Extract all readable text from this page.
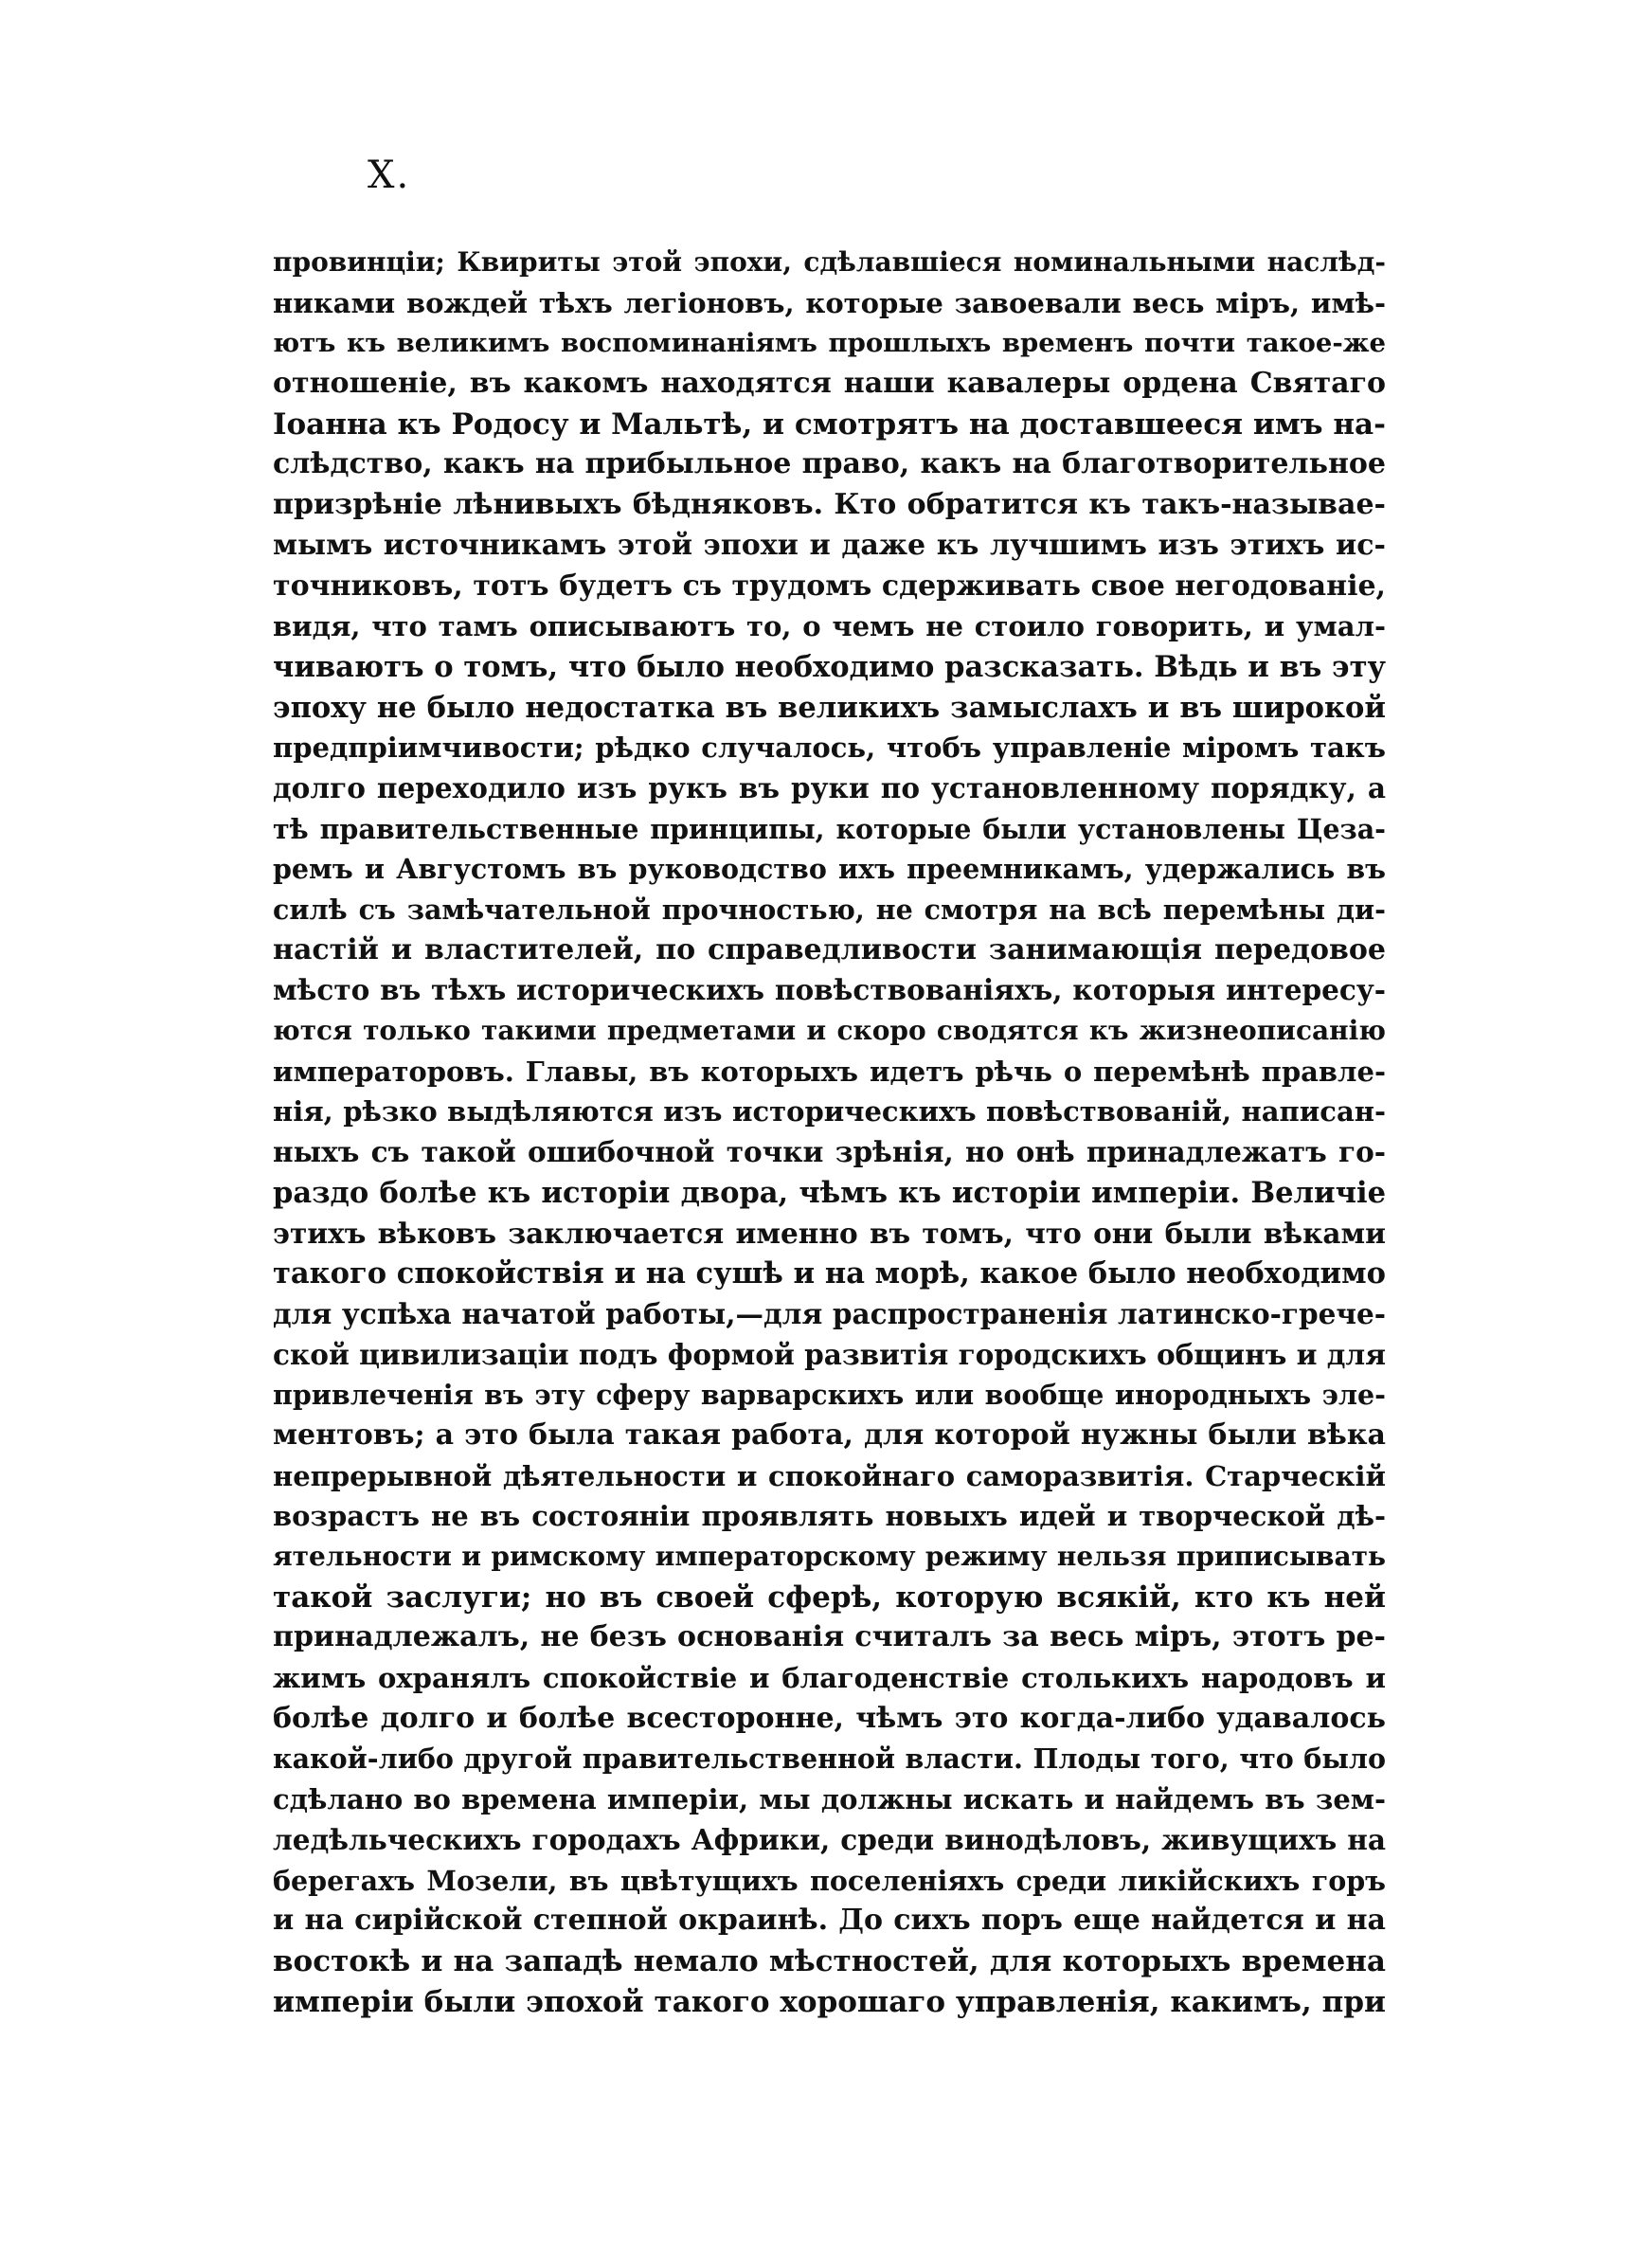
X.
провинціи; Квириты этой эпохи, сдѣлавшіеся номинальными наслѣд-
никами вождей тѣхъ легіоновъ, которые завоевали весь міръ, имѣ-
ютъ къ великимъ воспоминаніямъ прошлыхъ временъ почти такое-же
отношеніе, въ какомъ находятся наши кавалеры ордена Святаго
Іоанна къ Родосу и Мальтѣ, и смотрятъ на доставшееся имъ на-
слѣдство, какъ на прибыльное право, какъ на благотворительное
призрѣніе лѣнивыхъ бѣдняковъ. Кто обратится къ такъ-называе-
мымъ источникамъ этой эпохи и даже къ лучшимъ изъ этихъ ис-
точниковъ, тотъ будетъ съ трудомъ сдерживать свое негодованіе,
видя, что тамъ описываютъ то, о чемъ не стоило говорить, и умал-
чиваютъ о томъ, что было необходимо разсказать. Вѣдь и въ эту
эпоху не было недостатка въ великихъ замыслахъ и въ широкой
предпріимчивости; рѣдко случалось, чтобъ управленіе міромъ такъ
долго переходило изъ рукъ въ руки по установленному порядку, а
тѣ правительственные принципы, которые были установлены Цеза-
ремъ и Августомъ въ руководство ихъ преемникамъ, удержались въ
силѣ съ замѣчательной прочностью, не смотря на всѣ перемѣны ди-
настій и властителей, по справедливости занимающія передовое
мѣсто въ тѣхъ историческихъ повѣствованіяхъ, которыя интересу-
ются только такими предметами и скоро сводятся къ жизнеописанію
императоровъ. Главы, въ которыхъ идетъ рѣчь о перемѣнѣ правле-
нія, рѣзко выдѣляются изъ историческихъ повѣствованій, написан-
ныхъ съ такой ошибочной точки зрѣнія, но онѣ принадлежатъ го-
раздо болѣе къ исторіи двора, чѣмъ къ исторіи имперіи. Величіе
этихъ вѣковъ заключается именно въ томъ, что они были вѣками
такого спокойствія и на сушѣ и на морѣ, какое было необходимо
для успѣха начатой работы,—для распространенія латинско-грече-
ской цивилизаціи подъ формой развитія городскихъ общинъ и для
привлеченія въ эту сферу варварскихъ или вообще инородныхъ эле-
ментовъ; а это была такая работа, для которой нужны были вѣка
непрерывной дѣятельности и спокойнаго саморазвитія. Старческій
возрастъ не въ состояніи проявлять новыхъ идей и творческой дѣ-
ятельности и римскому императорскому режиму нельзя приписывать
такой заслуги; но въ своей сферѣ, которую всякій, кто къ ней
принадлежалъ, не безъ основанія считалъ за весь міръ, этотъ ре-
жимъ охранялъ спокойствіе и благоденствіе столькихъ народовъ и
болѣе долго и болѣе всесторонне, чѣмъ это когда-либо удавалось
какой-либо другой правительственной власти. Плоды того, что было
сдѣлано во времена имперіи, мы должны искать и найдемъ въ зем-
ледѣльческихъ городахъ Африки, среди винодѣловъ, живущихъ на
берегахъ Мозели, въ цвѣтущихъ поселеніяхъ среди ликійскихъ горъ
и на сирійской степной окраинѣ. До сихъ поръ еще найдется и на
востокѣ и на западѣ немало мѣстностей, для которыхъ времена
имперіи были эпохой такого хорошаго управленія, какимъ, при
